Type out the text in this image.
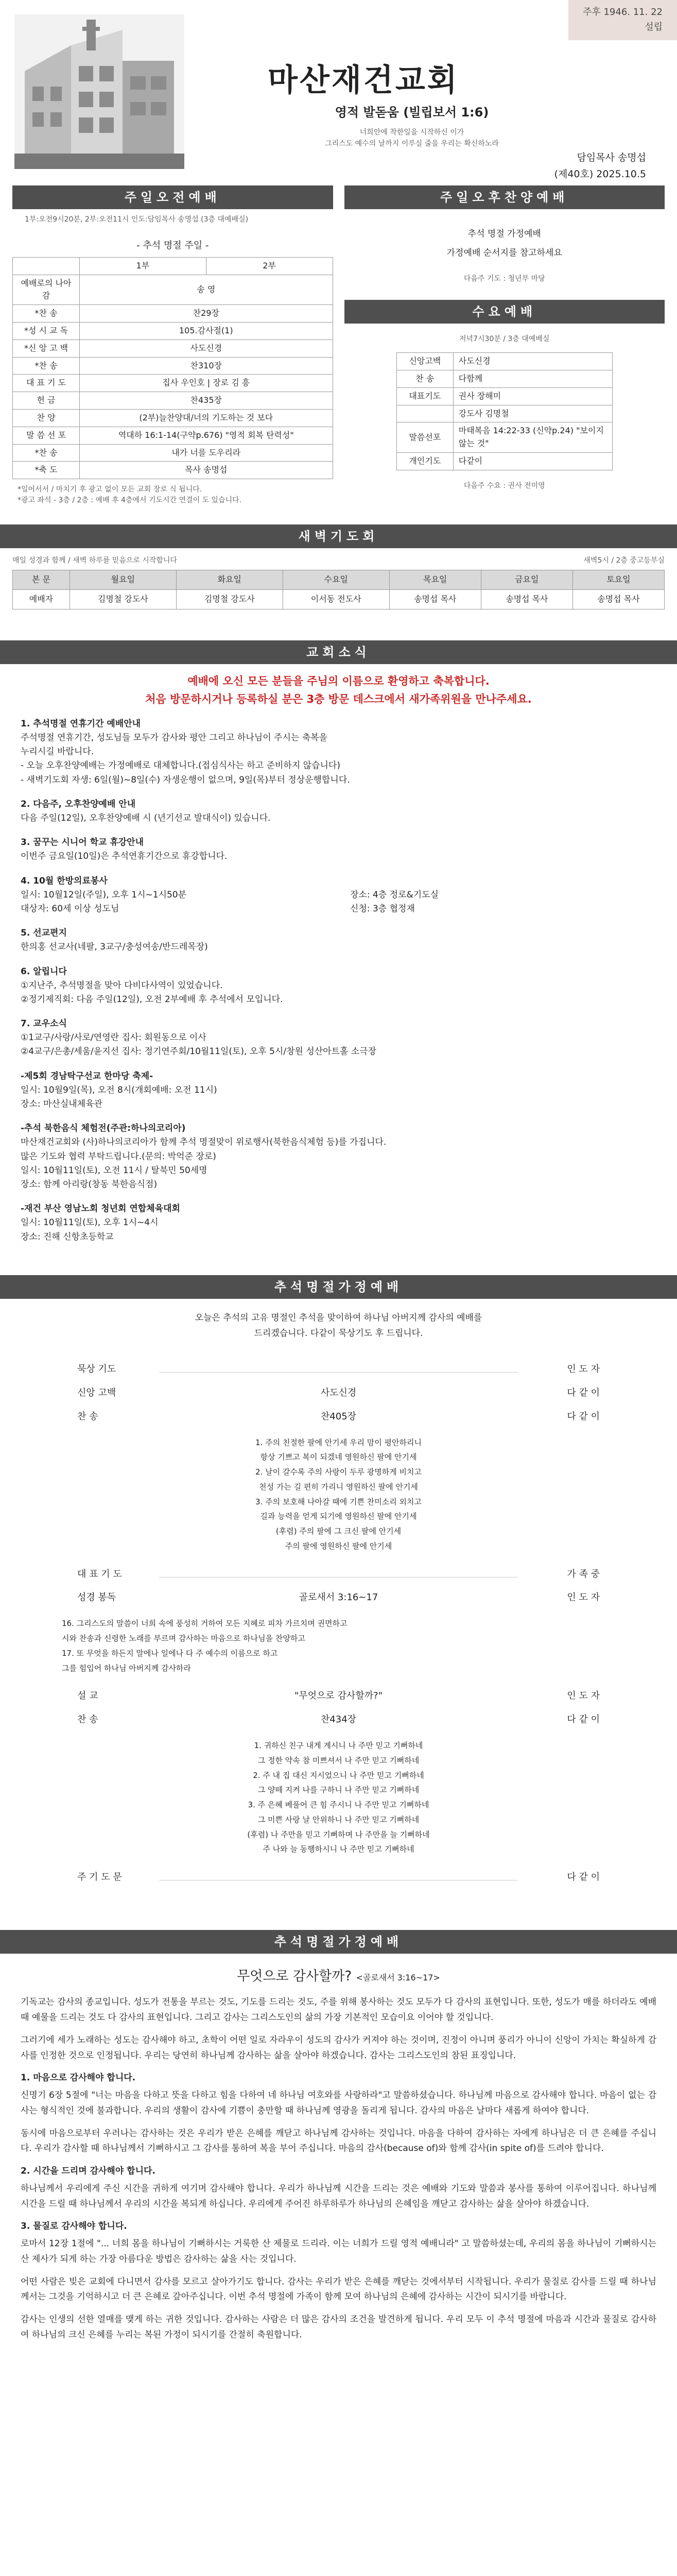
주후 1946. 11. 22
설립
마산재건교회
영적 발돋움 (빌립보서 1:6)
너희안에 착한일을 시작하신 이가
그리스도 예수의 날까지 이루실 줄을 우리는 확신하노라
담임목사 송명섭
(제40호) 2025.10.5
주일오전예배
1부:오전9시20분, 2부:오전11시 인도:담임목사 송명섭 (3층 대예배실)
- 추석 명절 주일 -
	1부	2부
예배로의 나아감	송 영	
*찬 송	찬29장	
*성 시 교 독	105.감사절(1)	
*신 앙 고 백	사도신경	
*찬 송	찬310장	
대 표 기 도	집사 우인호 | 장로 김 흥	
헌 금	찬435장	
찬 양	(2부)늘찬양대/너의 기도하는 것 보다	
말 씀 선 포	역대하 16:1-14(구약p.676) "영적 회복 탄력성"	
*찬 송	내가 너를 도우리라	
*축 도	목사 송명섭	
*일어서서 / 마치기 후 광고 없이 모든 교회 장로 식 됩니다.
*광고 좌석 - 3층 / 2층 : 예배 후 4층에서 기도시간 연결이 도 있습니다.
주일오후찬양예배
추석 명절 가정예배
가정예배 순서지를 참고하세요
다음주 기도 : 청년부 마당
수요예배
저녁7시30분 / 3층 대예배실
신앙고백	사도신경
찬 송	다함께
대표기도	권사 장해미
	강도사 김명철
말씀선포	마태복음 14:22-33 (신약p.24) "보이지 않는 것"
개인기도	다같이
다음주 수요 : 권사 전미영
새벽기도회
매일 성경과 함께 / 새벽 하루를 믿음으로 시작합니다	새벽5시 / 2층 중고등부실
본 문	월요일	화요일	수요일	목요일	금요일	토요일
예배자	김명철 강도사	김명철 강도사	이서동 전도사	송명섭 목사	송명섭 목사	송명섭 목사
교회소식
예배에 오신 모든 분들을 주님의 이름으로 환영하고 축복합니다.
처음 방문하시거나 등록하실 분은 3층 방문 데스크에서 새가족위원을 만나주세요.
1. 추석명절 연휴기간 예배안내
주석명절 연휴기간, 성도님들 모두가 감사와 평안 그리고 하나님이 주시는 축복을
누리시길 바랍니다.
- 오늘 오후찬양예배는 가정예배로 대체합니다.(접심식사는 하고 준비하지 않습니다)
- 새벽기도회 자생: 6일(월)~8일(수) 자생운행이 없으며, 9일(목)부터 정상운행합니다.
2. 다음주, 오후찬양예배 안내
다음 주일(12일), 오후찬양예배 시 (년기선교 발대식이) 있습니다.
3. 꿈꾸는 시니어 학교 휴강안내
이번주 금요일(10일)은 추석연휴기간으로 휴강합니다.
4. 10월 한방의료봉사
일시: 10월12일(주일), 오후 1시~1시50분	장소: 4층 정로&기도실
대상자: 60세 이상 성도님	신청: 3층 협정재
5. 선교편지
한의홍 선교사(네팔, 3교구/충성여송/반드레목장)
6. 알립니다
①지난주, 추석명절을 맞아 다비다사역이 있었습니다.
②정기제직회: 다음 주일(12일), 오전 2부예배 후 추석에서 모입니다.
7. 교우소식
①1교구/사랑/사로/연영란 집사: 회원동으로 이사
②4교구/은총/세움/윤지선 집사: 정기연주회/10월11일(토), 오후 5시/창원 성산아트홀 소극장
-제5회 경남탁구선교 한마당 축제-
일시: 10월9일(목), 오전 8시(개회예배: 오전 11시)
장소: 마산실내체육관
-추석 북한음식 체험전(주관:하나의코리아)
마산재건교회와 (사)하나의코리아가 함께 추석 명절맞이 위로행사(북한음식체험 등)를 가집니다.
많은 기도와 협력 부탁드립니다.(문의: 박억준 장로)
일시: 10월11일(토), 오전 11시 / 탈북민 50세명
장소: 함께 아리랑(창동 북한음식점)
-재건 부산 영남노회 청년회 연합체육대회
일시: 10월11일(토), 오후 1시~4시
장소: 진해 신항초등학교
추석명절가정예배
오늘은 추석의 고유 명절인 추석을 맞이하여 하나님 아버지께 감사의 예배를
드리겠습니다. 다같이 묵상기도 후 드립니다.
묵상 기도	인 도 자
신앙 고백	사도신경	다 같 이
찬 송	찬405장	다 같 이

1. 주의 친절한 팔에 안기세 우리 맘이 평안하리니

항상 기쁘고 복이 되겠네 영원하신 팔에 안기세

2. 날이 갈수록 주의 사랑이 두루 광명하게 비치고

천성 가는 길 편히 가리니 영원하신 팔에 안기세

3. 주의 보호해 나아갈 때에 기쁜 찬미소리 외치고

길과 능력을 얻게 되기에 영원하신 팔에 안기세

(후렴) 주의 팔에 그 크신 팔에 안기세

주의 팔에 영원하신 팔에 안기세

대 표 기 도	가 족 중
성경 봉독	골로새서 3:16~17	인 도 자

16. 그리스도의 말씀이 너희 속에 풍성히 거하여 모든 지혜로 피차 가르치며 권면하고

시와 찬송과 신령한 노래를 부르며 감사하는 마음으로 하나님을 찬양하고

17. 또 무엇을 하든지 말에나 일에나 다 주 예수의 이름으로 하고

그를 힘입어 하나님 아버지께 감사하라

설 교	"무엇으로 감사할까?"	인 도 자
찬 송	찬434장	다 같 이

1. 귀하신 친구 내게 계시니 나 주만 믿고 기뻐하네

그 정한 약속 참 미쁘셔서 나 주만 믿고 기뻐하네

2. 주 내 집 대신 지시었으니 나 주만 믿고 기뻐하네

그 양떼 지켜 나를 구하니 나 주만 믿고 기뻐하네

3. 주 은혜 베풀어 큰 힘 주시니 나 주만 믿고 기뻐하네

그 미쁜 사랑 날 안위하니 나 주만 믿고 기뻐하네

(후렴) 나 주만을 믿고 기뻐하며 나 주만을 늘 기뻐하네

주 나와 늘 동행하시니 나 주만 믿고 기뻐하네

주 기 도 문	다 같 이
추석명절가정예배
무엇으로 감사할까? <골로새서 3:16~17>

기독교는 감사의 종교입니다. 성도가 전통을 부르는 것도, 기도를 드리는 것도, 주를 위해 봉사하는 것도 모두가 다 감사의 표현입니다. 또한, 성도가 매를 하더라도 예배 때 예물을 드리는 것도 다 감사의 표현입니다. 그리고 감사는 그리스도인의 삶의 가장 기본적인 모습이요 이어야 할 것입니다.

그러기에 세가 노래하는 성도는 감사해야 하고, 초학이 어떤 일로 자라우이 성도의 감사가 커져야 하는 것이며, 진정이 아니며 풍리가 아니이 신앙이 가치는 확실하게 감사를 인정한 것으로 인정됩니다. 우리는 당연히 하나님께 감사하는 삶을 살아야 하겠습니다. 감사는 그리스도인의 참된 표징입니다.

1. 마음으로 감사해야 합니다.

신명기 6장 5절에 "너는 마음을 다하고 뜻을 다하고 힘을 다하여 네 하나님 여호와를 사랑하라"고 말씀하셨습니다. 하나님께 마음으로 감사해야 합니다. 마음이 없는 감사는 형식적인 것에 불과합니다. 우리의 생활이 감사에 기쁨이 충만할 때 하나님께 영광을 돌리게 됩니다. 감사의 마음은 날마다 새롭게 하여야 합니다.

동시에 마음으로부터 우러나는 감사하는 것은 우리가 받은 은혜를 깨닫고 하나님께 감사하는 것입니다. 마음을 다하여 감사하는 자에게 하나님은 더 큰 은혜를 주십니다. 우리가 감사할 때 하나님께서 기뻐하시고 그 감사를 통하여 복을 부어 주십니다. 마음의 감사(because of)와 함께 감사(in spite of)를 드려야 합니다.

2. 시간을 드리며 감사해야 합니다.

하나님께서 우리에게 주신 시간을 귀하게 여기며 감사해야 합니다. 우리가 하나님께 시간을 드리는 것은 예배와 기도와 말씀과 봉사를 통하여 이루어집니다. 하나님께 시간을 드릴 때 하나님께서 우리의 시간을 복되게 하십니다. 우리에게 주어진 하루하루가 하나님의 은혜임을 깨닫고 감사하는 삶을 살아야 하겠습니다.

3. 물질로 감사해야 합니다.

로마서 12장 1절에 "... 너희 몸을 하나님이 기뻐하시는 거룩한 산 제물로 드리라. 이는 너희가 드릴 영적 예배니라" 고 말씀하셨는데, 우리의 몸을 하나님이 기뻐하시는 산 제사가 되게 하는 가장 아름다운 방법은 감사하는 삶을 사는 것입니다.

어떤 사람은 빚은 교회에 다니면서 감사를 모르고 살아가기도 합니다. 감사는 우리가 받은 은혜를 깨닫는 것에서부터 시작됩니다. 우리가 물질로 감사를 드릴 때 하나님께서는 그것을 기억하시고 더 큰 은혜로 갚아주십니다. 이번 추석 명절에 가족이 함께 모여 하나님의 은혜에 감사하는 시간이 되시기를 바랍니다.

감사는 인생의 선한 열매를 맺게 하는 귀한 것입니다. 감사하는 사람은 더 많은 감사의 조건을 발견하게 됩니다. 우리 모두 이 추석 명절에 마음과 시간과 물질로 감사하여 하나님의 크신 은혜를 누리는 복된 가정이 되시기를 간절히 축원합니다.
